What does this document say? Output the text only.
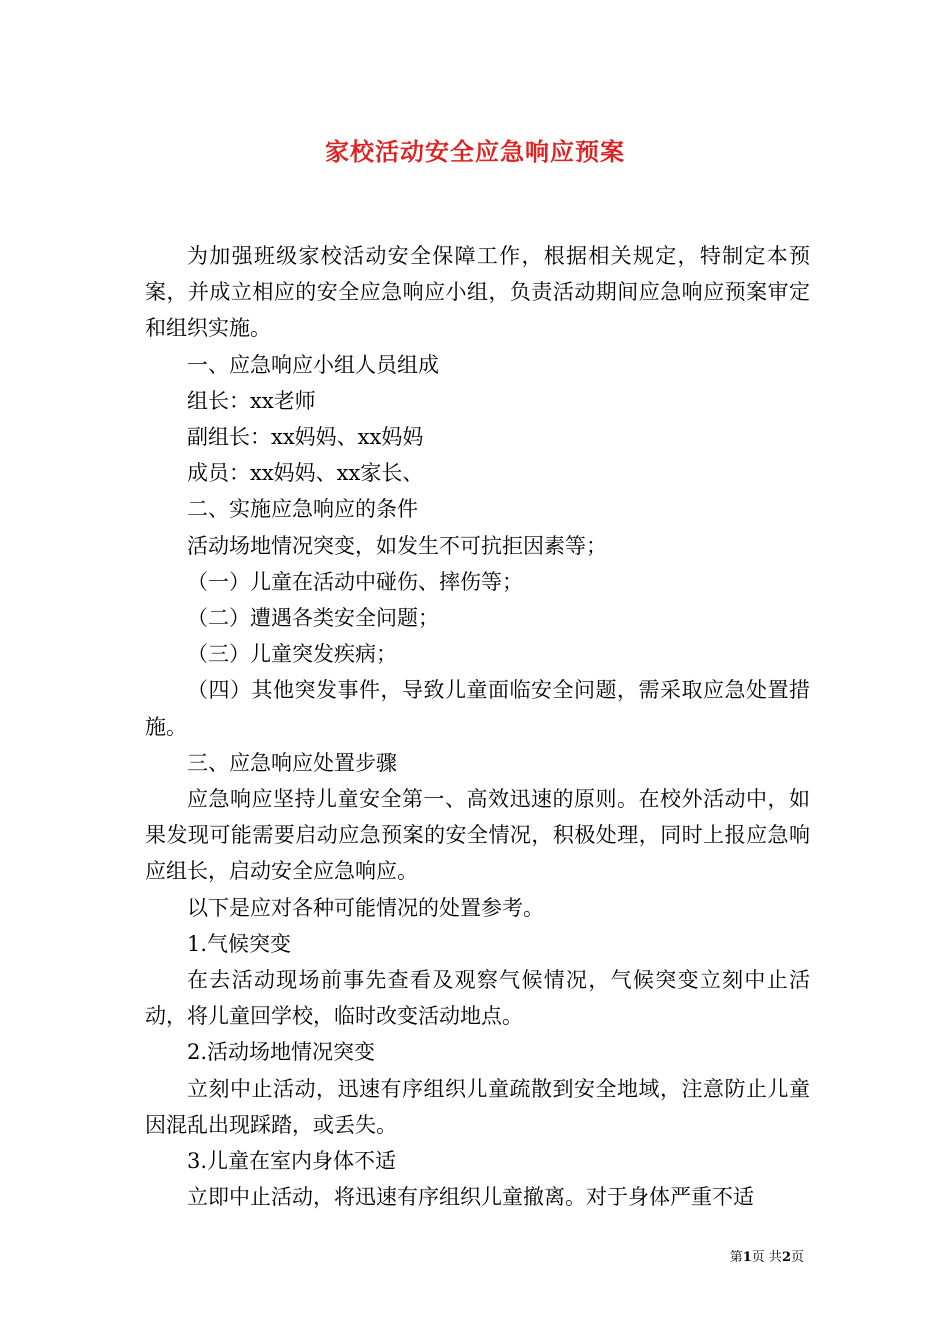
家校活动安全应急响应预案

为加强班级家校活动安全保障工作，根据相关规定，特制定本预案，并成立相应的安全应急响应小组，负责活动期间应急响应预案审定和组织实施。

一、应急响应小组人员组成

组长：xx老师

副组长：xx妈妈、xx妈妈

成员：xx妈妈、xx家长、

二、实施应急响应的条件

活动场地情况突变，如发生不可抗拒因素等；

（一）儿童在活动中碰伤、摔伤等；

（二）遭遇各类安全问题；

（三）儿童突发疾病；

（四）其他突发事件，导致儿童面临安全问题，需采取应急处置措施。

三、应急响应处置步骤

应急响应坚持儿童安全第一、高效迅速的原则。在校外活动中，如果发现可能需要启动应急预案的安全情况，积极处理，同时上报应急响应组长，启动安全应急响应。

以下是应对各种可能情况的处置参考。

1.气候突变

在去活动现场前事先查看及观察气候情况，气候突变立刻中止活动，将儿童回学校，临时改变活动地点。

2.活动场地情况突变

立刻中止活动，迅速有序组织儿童疏散到安全地域，注意防止儿童因混乱出现踩踏，或丢失。

3.儿童在室内身体不适

立即中止活动，将迅速有序组织儿童撤离。对于身体严重不适

第1页 共2页
